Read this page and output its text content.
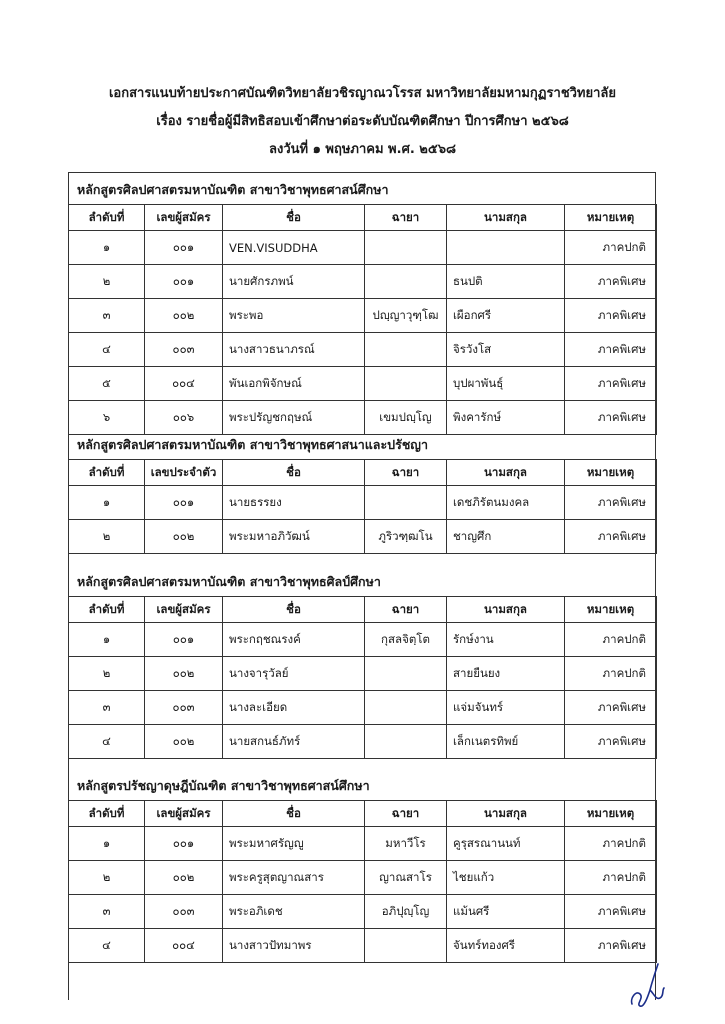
เอกสารแนบท้ายประกาศบัณฑิตวิทยาลัยวชิรญาณวโรรส มหาวิทยาลัยมหามกุฏราชวิทยาลัย
เรื่อง รายชื่อผู้มีสิทธิสอบเข้าศึกษาต่อระดับบัณฑิตศึกษา ปีการศึกษา ๒๕๖๘
ลงวันที่ ๑ พฤษภาคม พ.ศ. ๒๕๖๘
หลักสูตรศิลปศาสตรมหาบัณฑิต สาขาวิชาพุทธศาสน์ศึกษา
ลำดับที่	เลขผู้สมัคร	ชื่อ	ฉายา	นามสกุล	หมายเหตุ
๑	๐๐๑	VEN.VISUDDHA			ภาคปกติ
๒	๐๐๑	นายศักรภพน์		ธนปติ	ภาคพิเศษ
๓	๐๐๒	พระพอ	ปญฺญาวุฑฺโฒ	เผือกศรี	ภาคพิเศษ
๔	๐๐๓	นางสาวธนาภรณ์		จิรวังโส	ภาคพิเศษ
๕	๐๐๔	พันเอกพิจักษณ์		บุปผาพันธุ์	ภาคพิเศษ
๖	๐๐๖	พระปรัญชกฤษณ์	เขมปญฺโญ	พิงคารักษ์	ภาคพิเศษ
หลักสูตรศิลปศาสตรมหาบัณฑิต สาขาวิชาพุทธศาสนาและปรัชญา
ลำดับที่	เลขประจำตัว	ชื่อ	ฉายา	นามสกุล	หมายเหตุ
๑	๐๐๑	นายธรรยง		เดชภิรัตนมงคล	ภาคพิเศษ
๒	๐๐๒	พระมหาอภิวัฒน์	ภูริวฑฺฒโน	ชาญศึก	ภาคพิเศษ
หลักสูตรศิลปศาสตรมหาบัณฑิต สาขาวิชาพุทธศิลป์ศึกษา
ลำดับที่	เลขผู้สมัคร	ชื่อ	ฉายา	นามสกุล	หมายเหตุ
๑	๐๐๑	พระกฤชณรงค์	กุสลจิตฺโต	รักษ์งาน	ภาคปกติ
๒	๐๐๒	นางจารุวัลย์		สายยืนยง	ภาคปกติ
๓	๐๐๓	นางละเอียด		แจ่มจันทร์	ภาคพิเศษ
๔	๐๐๒	นายสกนธ์ภัทร์		เล็กเนตรทิพย์	ภาคพิเศษ
หลักสูตรปรัชญาดุษฎีบัณฑิต สาขาวิชาพุทธศาสน์ศึกษา
ลำดับที่	เลขผู้สมัคร	ชื่อ	ฉายา	นามสกุล	หมายเหตุ
๑	๐๐๑	พระมหาศรัญญู	มหาวีโร	คูรุสรณานนท์	ภาคปกติ
๒	๐๐๒	พระครูสุตญาณสาร	ญาณสาโร	ไชยแก้ว	ภาคปกติ
๓	๐๐๓	พระอภิเดช	อภิปุญฺโญ	แม้นศรี	ภาคพิเศษ
๔	๐๐๔	นางสาวปัทมาพร		จันทร์ทองศรี	ภาคพิเศษ
